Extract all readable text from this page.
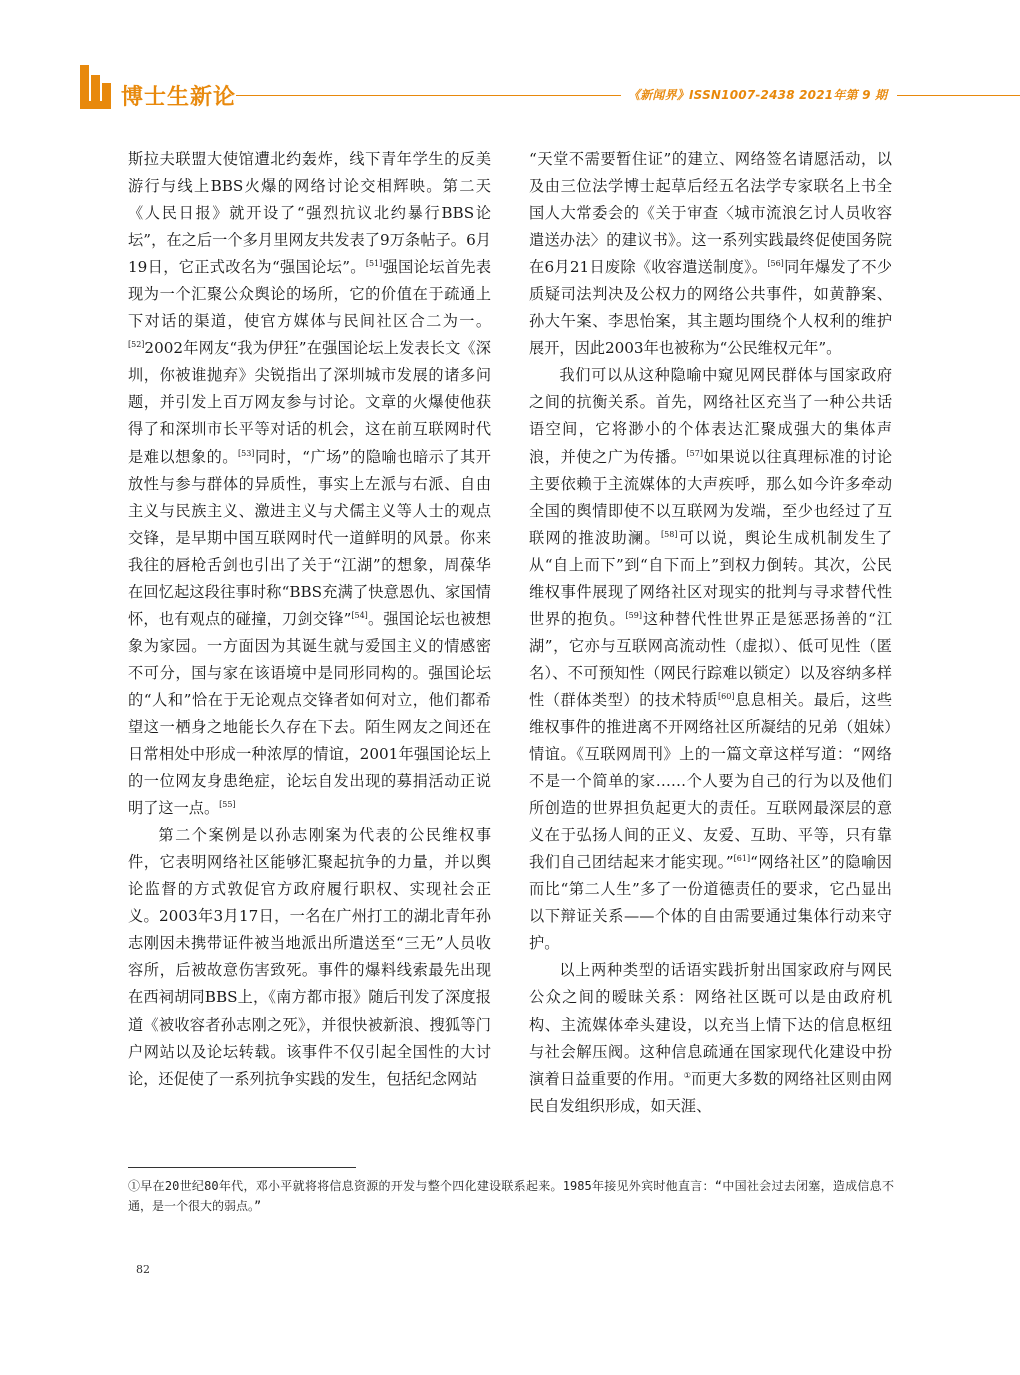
博士生新论	《新闻界》ISSN1007-2438 2021年第 9 期

斯拉夫联盟大使馆遭北约轰炸，线下青年学生的反美游行与线上BBS火爆的网络讨论交相辉映。第二天《人民日报》就开设了“强烈抗议北约暴行BBS论坛”，在之后一个多月里网友共发表了9万条帖子。6月19日，它正式改名为“强国论坛”。[51]强国论坛首先表现为一个汇聚公众舆论的场所，它的价值在于疏通上下对话的渠道，使官方媒体与民间社区合二为一。[52]2002年网友“我为伊狂”在强国论坛上发表长文《深圳，你被谁抛弃》尖锐指出了深圳城市发展的诸多问题，并引发上百万网友参与讨论。文章的火爆使他获得了和深圳市长平等对话的机会，这在前互联网时代是难以想象的。[53]同时，“广场”的隐喻也暗示了其开放性与参与群体的异质性，事实上左派与右派、自由主义与民族主义、激进主义与犬儒主义等人士的观点交锋，是早期中国互联网时代一道鲜明的风景。你来我往的唇枪舌剑也引出了关于“江湖”的想象，周葆华在回忆起这段往事时称“BBS充满了快意恩仇、家国情怀，也有观点的碰撞，刀剑交锋”[54]。强国论坛也被想象为家园。一方面因为其诞生就与爱国主义的情感密不可分，国与家在该语境中是同形同构的。强国论坛的“人和”恰在于无论观点交锋者如何对立，他们都希望这一栖身之地能长久存在下去。陌生网友之间还在日常相处中形成一种浓厚的情谊，2001年强国论坛上的一位网友身患绝症，论坛自发出现的募捐活动正说明了这一点。[55]

第二个案例是以孙志刚案为代表的公民维权事件，它表明网络社区能够汇聚起抗争的力量，并以舆论监督的方式敦促官方政府履行职权、实现社会正义。2003年3月17日，一名在广州打工的湖北青年孙志刚因未携带证件被当地派出所遣送至“三无”人员收容所，后被故意伤害致死。事件的爆料线索最先出现在西祠胡同BBS上，《南方都市报》随后刊发了深度报道《被收容者孙志刚之死》，并很快被新浪、搜狐等门户网站以及论坛转载。该事件不仅引起全国性的大讨论，还促使了一系列抗争实践的发生，包括纪念网站

“天堂不需要暂住证”的建立、网络签名请愿活动，以及由三位法学博士起草后经五名法学专家联名上书全国人大常委会的《关于审查〈城市流浪乞讨人员收容遣送办法〉的建议书》。这一系列实践最终促使国务院在6月21日废除《收容遣送制度》。[56]同年爆发了不少质疑司法判决及公权力的网络公共事件，如黄静案、孙大午案、李思怡案，其主题均围绕个人权利的维护展开，因此2003年也被称为“公民维权元年”。

我们可以从这种隐喻中窥见网民群体与国家政府之间的抗衡关系。首先，网络社区充当了一种公共话语空间，它将渺小的个体表达汇聚成强大的集体声浪，并使之广为传播。[57]如果说以往真理标准的讨论主要依赖于主流媒体的大声疾呼，那么如今许多牵动全国的舆情即使不以互联网为发端，至少也经过了互联网的推波助澜。[58]可以说，舆论生成机制发生了从“自上而下”到“自下而上”到权力倒转。其次，公民维权事件展现了网络社区对现实的批判与寻求替代性世界的抱负。[59]这种替代性世界正是惩恶扬善的“江湖”，它亦与互联网高流动性（虚拟）、低可见性（匿名）、不可预知性（网民行踪难以锁定）以及容纳多样性（群体类型）的技术特质[60]息息相关。最后，这些维权事件的推进离不开网络社区所凝结的兄弟（姐妹）情谊。《互联网周刊》上的一篇文章这样写道：“网络不是一个简单的家……个人要为自己的行为以及他们所创造的世界担负起更大的责任。互联网最深层的意义在于弘扬人间的正义、友爱、互助、平等，只有靠我们自己团结起来才能实现。”[61]“网络社区”的隐喻因而比“第二人生”多了一份道德责任的要求，它凸显出以下辩证关系——个体的自由需要通过集体行动来守护。

以上两种类型的话语实践折射出国家政府与网民公众之间的暧昧关系：网络社区既可以是由政府机构、主流媒体牵头建设，以充当上情下达的信息枢纽与社会解压阀。这种信息疏通在国家现代化建设中扮演着日益重要的作用。①而更大多数的网络社区则由网民自发组织形成，如天涯、

①早在20世纪80年代，邓小平就将将信息资源的开发与整个四化建设联系起来。1985年接见外宾时他直言：“中国社会过去闭塞，造成信息不通，是一个很大的弱点。”
82
